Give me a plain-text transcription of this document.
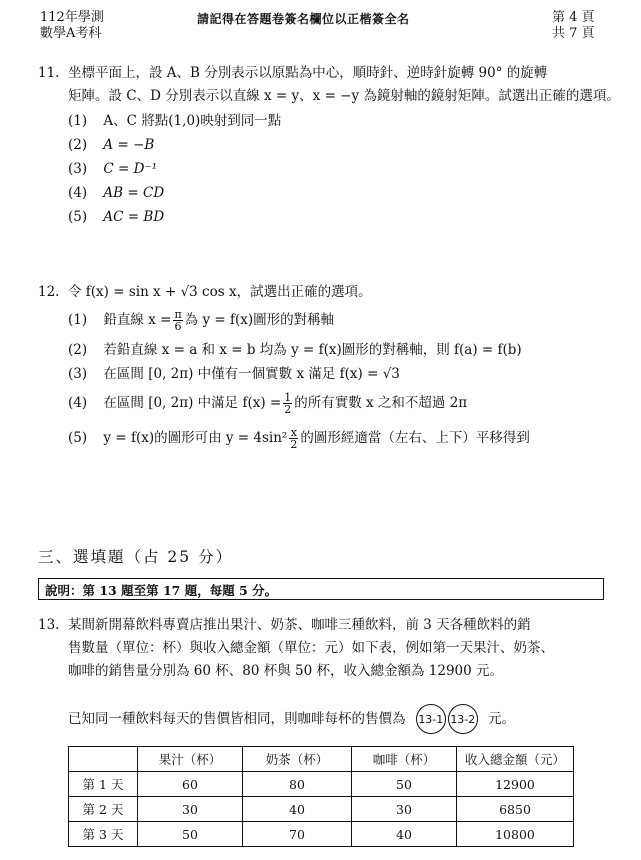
112年學測
數學A考科
請記得在答題卷簽名欄位以正楷簽全名	第 4 頁
共 7 頁
11. 坐標平面上，設 A、B 分別表示以原點為中心，順時針、逆時針旋轉 90° 的旋轉
矩陣。設 C、D 分別表示以直線 x = y、x = −y 為鏡射軸的鏡射矩陣。試選出正確的選項。
(1) A、C 將點(1,0)映射到同一點
(2) A = −B
(3) C = D⁻¹
(4) AB = CD
(5) AC = BD
12. 令 f(x) = sin x + √3 cos x，試選出正確的選項。
(1) 鉛直線 $x = \frac{\pi}{6}$ 為 y = f(x)圖形的對稱軸
(2) 若鉛直線 x = a 和 x = b 均為 y = f(x)圖形的對稱軸，則 f(a) = f(b)
(3) 在區間 [0, 2π) 中僅有一個實數 x 滿足 f(x) = √3
(4) 在區間 [0, 2π) 中滿足 $f(x) = \frac{1}{2}$ 的所有實數 x 之和不超過 2π
(5) y = f(x)的圖形可由 $y = 4\sin^2 \frac{x}{2}$ 的圖形經適當（左右、上下）平移得到
三、選填題（占 25 分）
說明：第 13 題至第 17 題，每題 5 分。
13. 某間新開幕飲料專賣店推出果汁、奶茶、咖啡三種飲料，前 3 天各種飲料的銷
售數量（單位：杯）與收入總金額（單位：元）如下表，例如第一天果汁、奶茶、
咖啡的銷售量分別為 60 杯、80 杯與 50 杯，收入總金額為 12900 元。
已知同一種飲料每天的售價皆相同，則咖啡每杯的售價為 13-1 13-2 元。
	果汁（杯）	奶茶（杯）	咖啡（杯）	收入總金額（元）
第 1 天	60	80	50	12900
第 2 天	30	40	30	6850
第 3 天	50	70	40	10800
